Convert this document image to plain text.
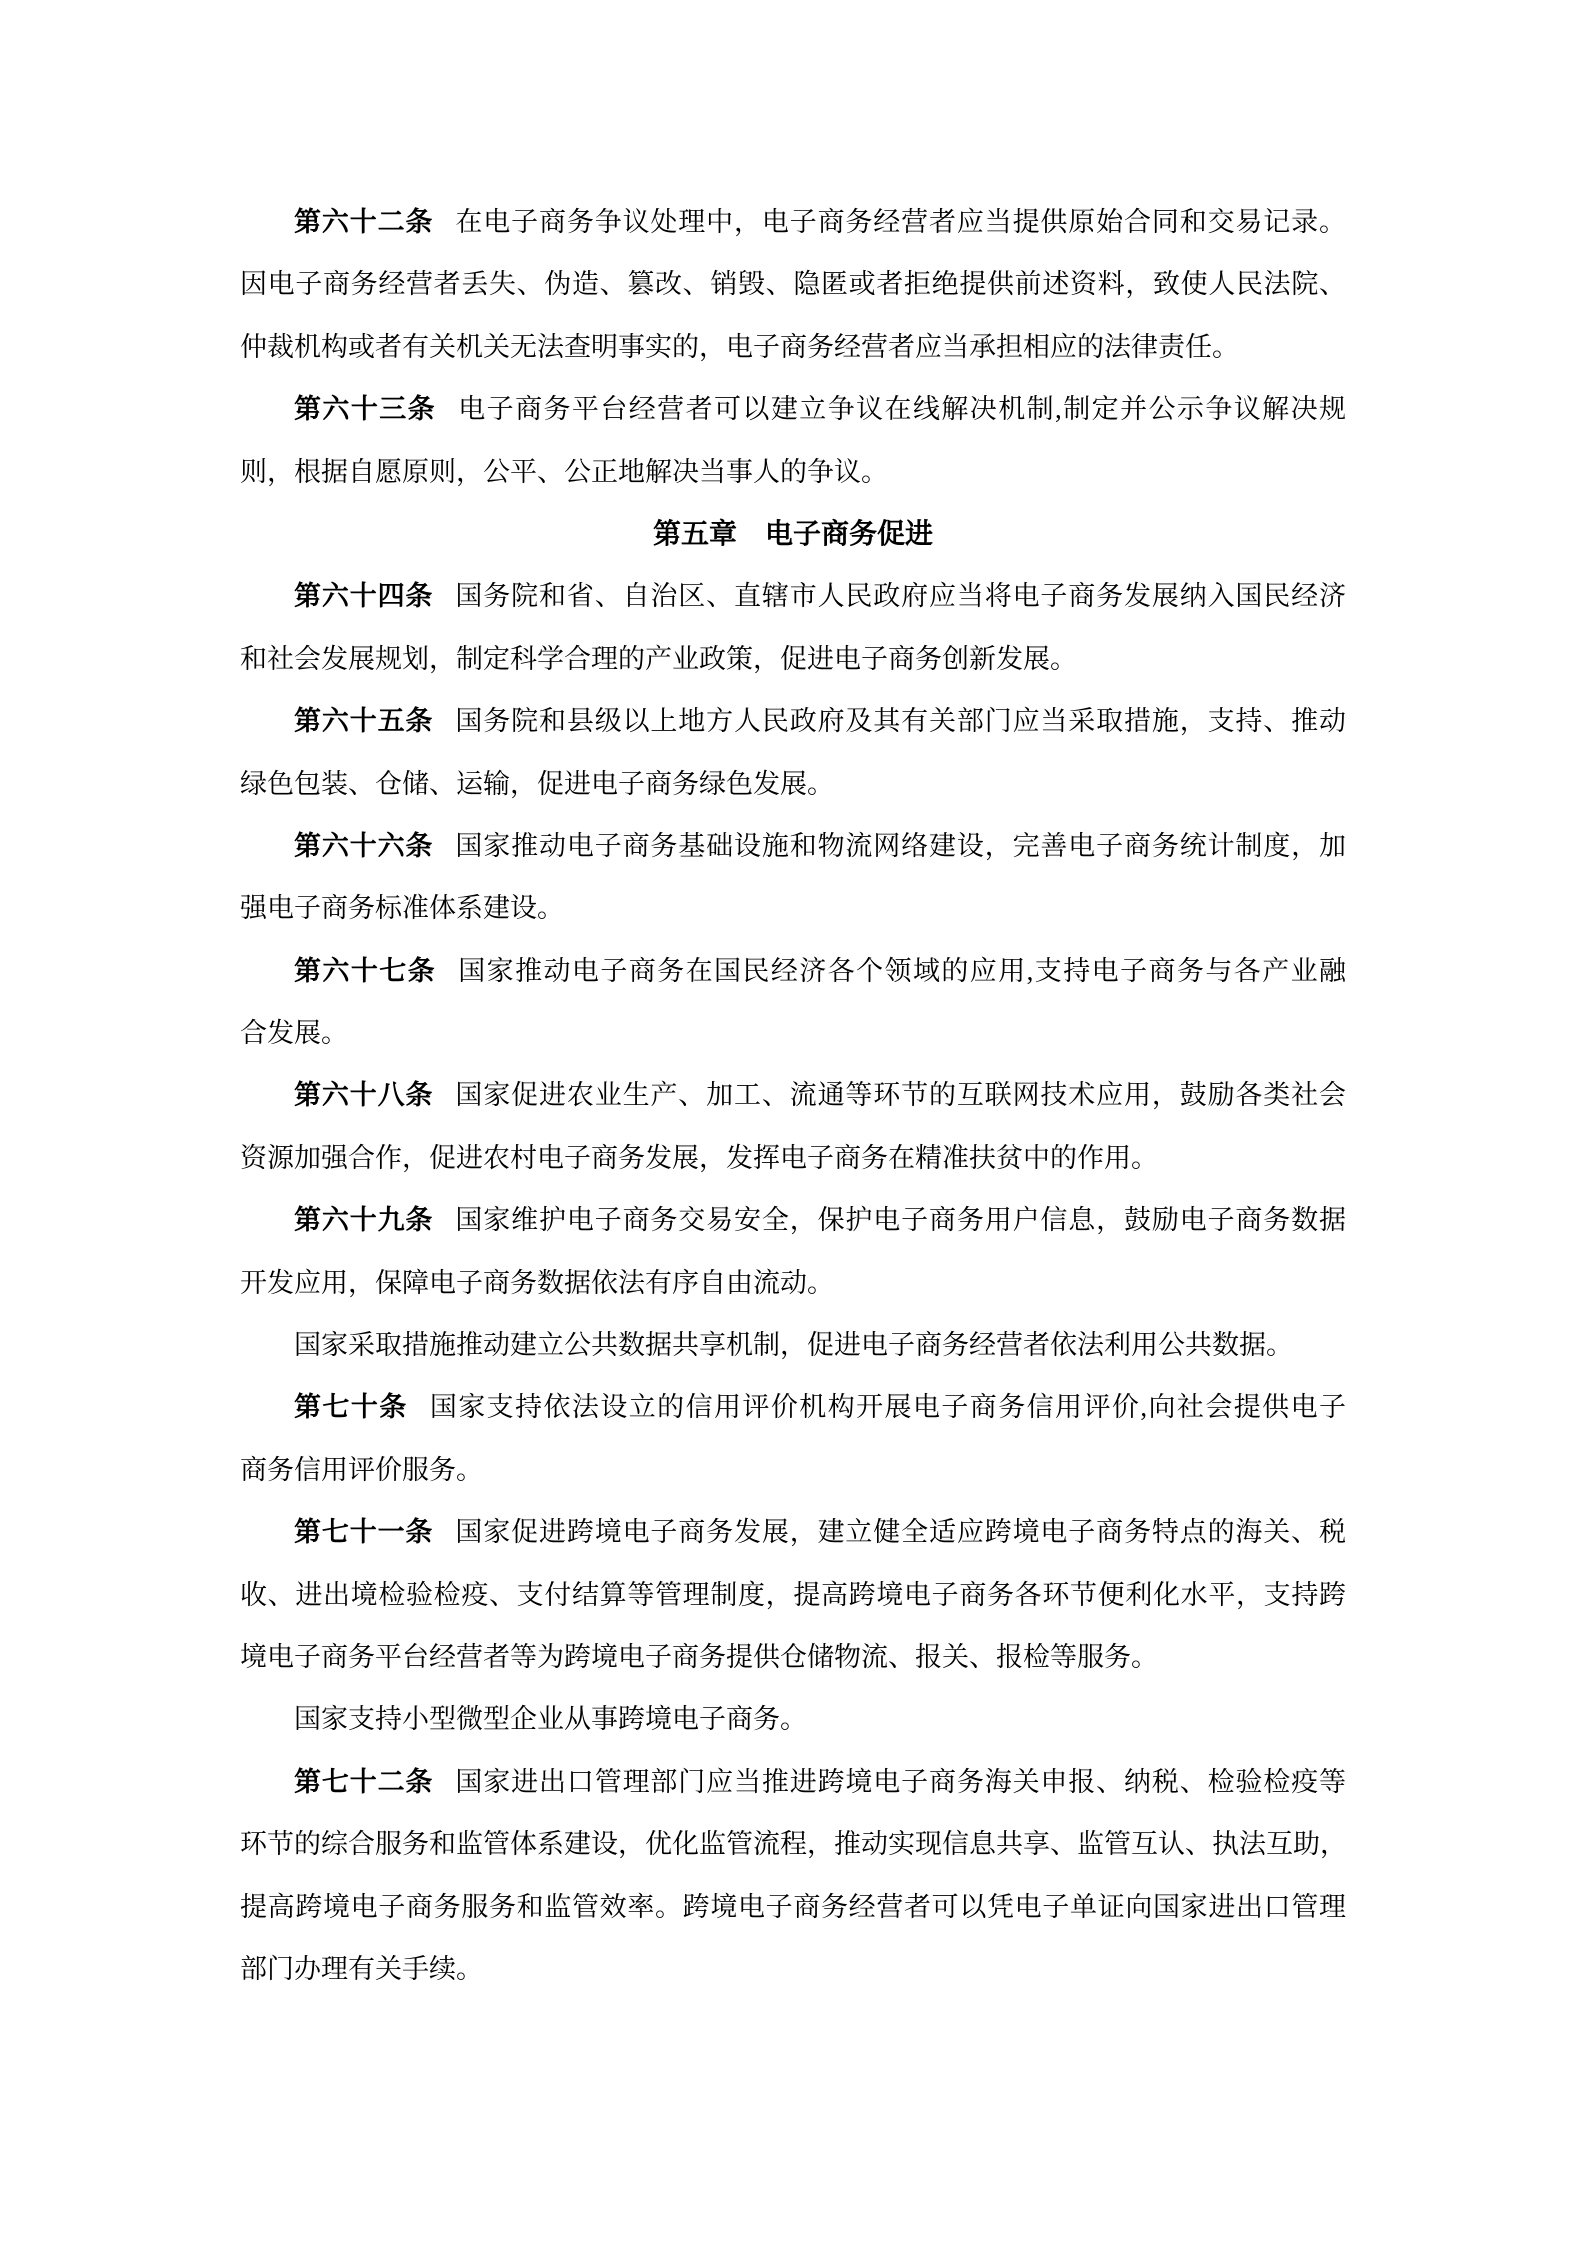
第六十二条 在电子商务争议处理中，电子商务经营者应当提供原始合同和交易记录。
因电子商务经营者丢失、伪造、篡改、销毁、隐匿或者拒绝提供前述资料，致使人民法院、
仲裁机构或者有关机关无法查明事实的，电子商务经营者应当承担相应的法律责任。
第六十三条 电子商务平台经营者可以建立争议在线解决机制,制定并公示争议解决规
则，根据自愿原则，公平、公正地解决当事人的争议。
第五章　电子商务促进
第六十四条 国务院和省、自治区、直辖市人民政府应当将电子商务发展纳入国民经济
和社会发展规划，制定科学合理的产业政策，促进电子商务创新发展。
第六十五条 国务院和县级以上地方人民政府及其有关部门应当采取措施，支持、推动
绿色包装、仓储、运输，促进电子商务绿色发展。
第六十六条 国家推动电子商务基础设施和物流网络建设，完善电子商务统计制度，加
强电子商务标准体系建设。
第六十七条 国家推动电子商务在国民经济各个领域的应用,支持电子商务与各产业融
合发展。
第六十八条 国家促进农业生产、加工、流通等环节的互联网技术应用，鼓励各类社会
资源加强合作，促进农村电子商务发展，发挥电子商务在精准扶贫中的作用。
第六十九条 国家维护电子商务交易安全，保护电子商务用户信息，鼓励电子商务数据
开发应用，保障电子商务数据依法有序自由流动。
国家采取措施推动建立公共数据共享机制，促进电子商务经营者依法利用公共数据。
第七十条 国家支持依法设立的信用评价机构开展电子商务信用评价,向社会提供电子
商务信用评价服务。
第七十一条 国家促进跨境电子商务发展，建立健全适应跨境电子商务特点的海关、税
收、进出境检验检疫、支付结算等管理制度，提高跨境电子商务各环节便利化水平，支持跨
境电子商务平台经营者等为跨境电子商务提供仓储物流、报关、报检等服务。
国家支持小型微型企业从事跨境电子商务。
第七十二条 国家进出口管理部门应当推进跨境电子商务海关申报、纳税、检验检疫等
环节的综合服务和监管体系建设，优化监管流程，推动实现信息共享、监管互认、执法互助，
提高跨境电子商务服务和监管效率。跨境电子商务经营者可以凭电子单证向国家进出口管理
部门办理有关手续。
